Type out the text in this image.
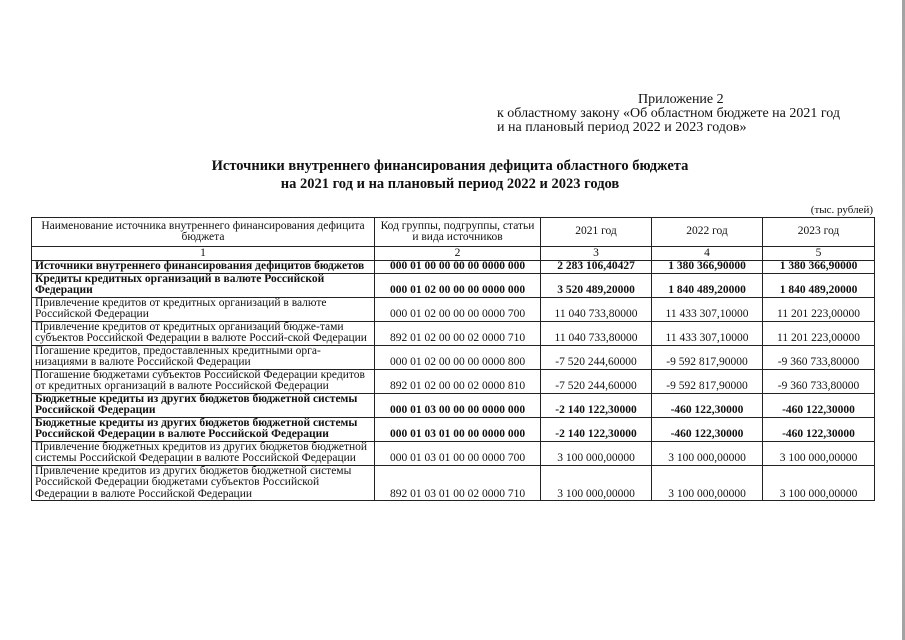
Приложение 2
к областному закону «Об областном бюджете на 2021 год
и на плановый период 2022 и 2023 годов»
Источники внутреннего финансирования дефицита областного бюджета
на 2021 год и на плановый период 2022 и 2023 годов
(тыс. рублей)
Наименование источника внутреннего финансирования дефицита бюджета	Код группы, подгруппы, статьи и вида источников	2021 год	2022 год	2023 год
1	2	3	4	5
Источники внутреннего финансирования дефицитов бюджетов	000 01 00 00 00 00 0000 000	2 283 106,40427	1 380 366,90000	1 380 366,90000
Кредиты кредитных организаций в валюте Российской Федерации	000 01 02 00 00 00 0000 000	3 520 489,20000	1 840 489,20000	1 840 489,20000
Привлечение кредитов от кредитных организаций в валюте Российской Федерации	000 01 02 00 00 00 0000 700	11 040 733,80000	11 433 307,10000	11 201 223,00000
Привлечение кредитов от кредитных организаций бюдже-тами субъектов Российской Федерации в валюте Россий-ской Федерации	892 01 02 00 00 02 0000 710	11 040 733,80000	11 433 307,10000	11 201 223,00000
Погашение кредитов, предоставленных кредитными орга-низациями в валюте Российской Федерации	000 01 02 00 00 00 0000 800	-7 520 244,60000	-9 592 817,90000	-9 360 733,80000
Погашение бюджетами субъектов Российской Федерации кредитов от кредитных организаций в валюте Российской Федерации	892 01 02 00 00 02 0000 810	-7 520 244,60000	-9 592 817,90000	-9 360 733,80000
Бюджетные кредиты из других бюджетов бюджетной системы Российской Федерации	000 01 03 00 00 00 0000 000	-2 140 122,30000	-460 122,30000	-460 122,30000
Бюджетные кредиты из других бюджетов бюджетной системы Российской Федерации в валюте Российской Федерации	000 01 03 01 00 00 0000 000	-2 140 122,30000	-460 122,30000	-460 122,30000
Привлечение бюджетных кредитов из других бюджетов бюджетной системы Российской Федерации в валюте Российской Федерации	000 01 03 01 00 00 0000 700	3 100 000,00000	3 100 000,00000	3 100 000,00000
Привлечение кредитов из других бюджетов бюджетной системы Российской Федерации бюджетами субъектов Российской Федерации в валюте Российской Федерации	892 01 03 01 00 02 0000 710	3 100 000,00000	3 100 000,00000	3 100 000,00000
